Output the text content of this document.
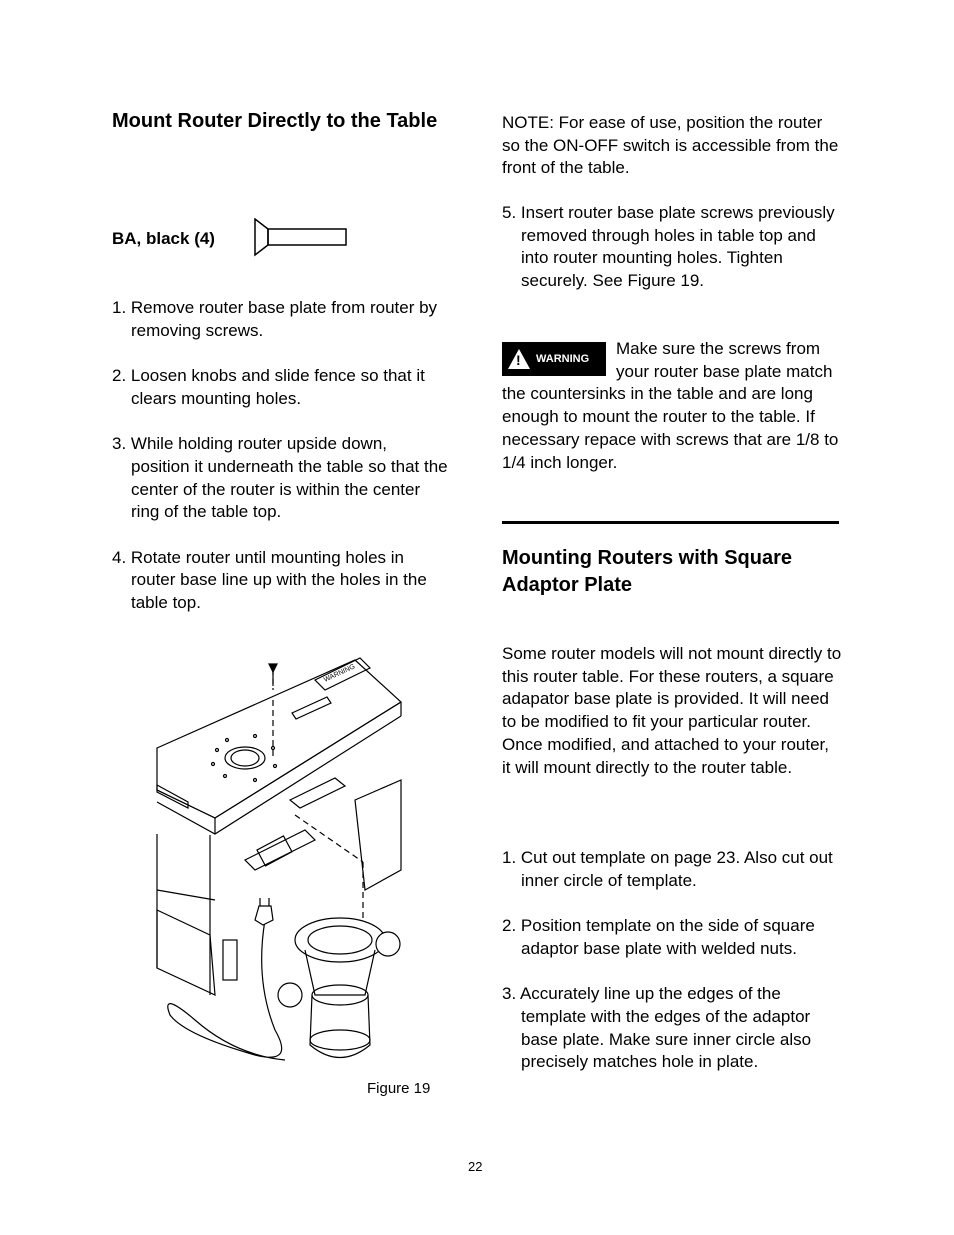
Mount Router Directly to the Table
BA, black (4)
1. Remove router base plate from router by removing screws.
2. Loosen knobs and slide fence so that it clears mounting holes.
3. While holding router upside down, position it underneath the table so that the center of the router is within the center ring of the table top.
4. Rotate router until mounting holes in router base line up with the holes in the table top.
WARNING
Figure 19

NOTE: For ease of use, position the router so the ON-OFF switch is accessible from the front of the table.

5. Insert router base plate screws previously removed through holes in table top and into router mounting holes. Tighten securely. See Figure 19.
! WARNING
Make sure the screws from your router base plate match the countersinks in the table and are long enough to mount the router to the table. If necessary repace with screws that are 1/8 to 1/4 inch longer.
Mounting Routers with Square Adaptor Plate

Some router models will not mount directly to this router table. For these routers, a square adapator base plate is provided. It will need to be modified to fit your particular router. Once modified, and attached to your router, it will mount directly to the router table.

1. Cut out template on page 23. Also cut out inner circle of template.
2. Position template on the side of square adaptor base plate with welded nuts.
3. Accurately line up the edges of the template with the edges of the adaptor base plate. Make sure inner circle also precisely matches hole in plate.
22
